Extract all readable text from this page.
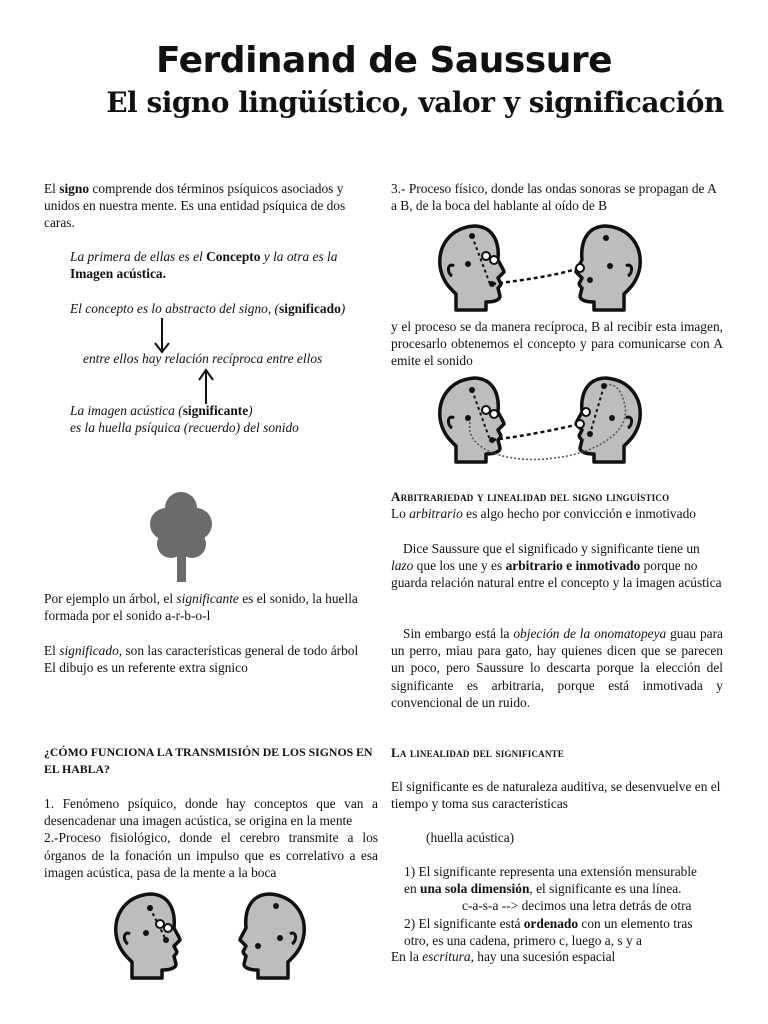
Ferdinand de Saussure
El signo lingüístico, valor y significación

El signo comprende dos términos psíquicos asociados y unidos en nuestra mente. Es una entidad psíquica de dos caras.

La primera de ellas es el Concepto y la otra es la

Imagen acústica.

El concepto es lo abstracto del signo, (significado)

entre ellos hay relación recíproca entre ellos

La imagen acústica (significante)

es la huella psíquica (recuerdo) del sonido

Por ejemplo un árbol, el significante es el sonido, la huella formada por el sonido a-r-b-o-l

El significado, son las características general de todo árbol

El dibujo es un referente extra signico

¿CÓMO FUNCIONA LA TRANSMISIÓN DE LOS SIGNOS EN EL HABLA?

1. Fenómeno psíquico, donde hay conceptos que van a desencadenar una imagen acústica, se origina en la mente

2.-Proceso fisiológico, donde el cerebro transmite a los órganos de la fonación un impulso que es correlativo a esa imagen acústica, pasa de la mente a la boca

3.- Proceso físico, donde las ondas sonoras se propagan de A a B, de la boca del hablante al oído de B
y el proceso se da manera recíproca, B al recibir esta imagen, procesarlo obtenemos el concepto y para comunicarse con A emite el sonido
Arbitrariedad y linealidad del signo linguístico

Lo arbitrario es algo hecho por convicción e inmotivado

Dice Saussure que el significado y significante tiene un lazo que los une y es arbitrario e inmotivado porque no guarda relación natural entre el concepto y la imagen acústica

Sin embargo está la objeción de la onomatopeya guau para un perro, miau para gato, hay quienes dicen que se parecen un poco, pero Saussure lo descarta porque la elección del significante es arbitraria, porque está inmotivada y convencional de un ruido.

La linealidad del significante
El significante es de naturaleza auditiva, se desenvuelve en el tiempo y toma sus características
(huella acústica)

1) El significante representa una extensión mensurable

en una sola dimensión, el significante es una línea.

c-a-s-a --> decimos una letra detrás de otra

2) El significante está ordenado con un elemento tras

otro, es una cadena, primero c, luego a, s y a

En la escritura, hay una sucesión espacial
